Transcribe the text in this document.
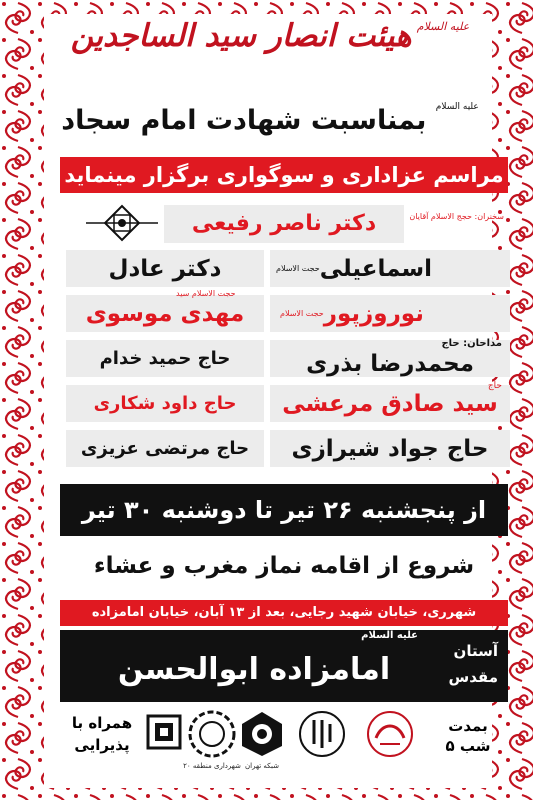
$^{علیه السلام}$ هیئت انصار سید الساجدین
$^{علیه السلام}$ بمناسبت شهادت امام سجاد
مراسم عزاداری و سوگواری برگزار مینماید
دکتر ناصر رفیعی	سخنران: حجج الاسلام آقایان
حجت الاسلام اسماعیلی
دکتر عادل
حجت الاسلام نوروزپور
حجت الاسلام سید
مهدی موسوی
مداحان: حاج
محمدرضا بذری
حاج حمید خدام
حاج
سید صادق مرعشی
حاج داود شکاری
حاج جواد شیرازی
حاج مرتضی عزیزی
از پنجشنبه ۲۶ تیر تا دوشنبه ۳۰ تیر
شروع از اقامه نماز مغرب و عشاء
شهرری، خیابان شهید رجایی، بعد از ۱۳ آبان، خیابان امامزاده
آستان
مقدس
علیه السلام
امامزاده ابوالحسن
بمدت
۵ شب
همراه با
پذیرایی
شبکه تهران
شهرداری منطقه ۲۰
